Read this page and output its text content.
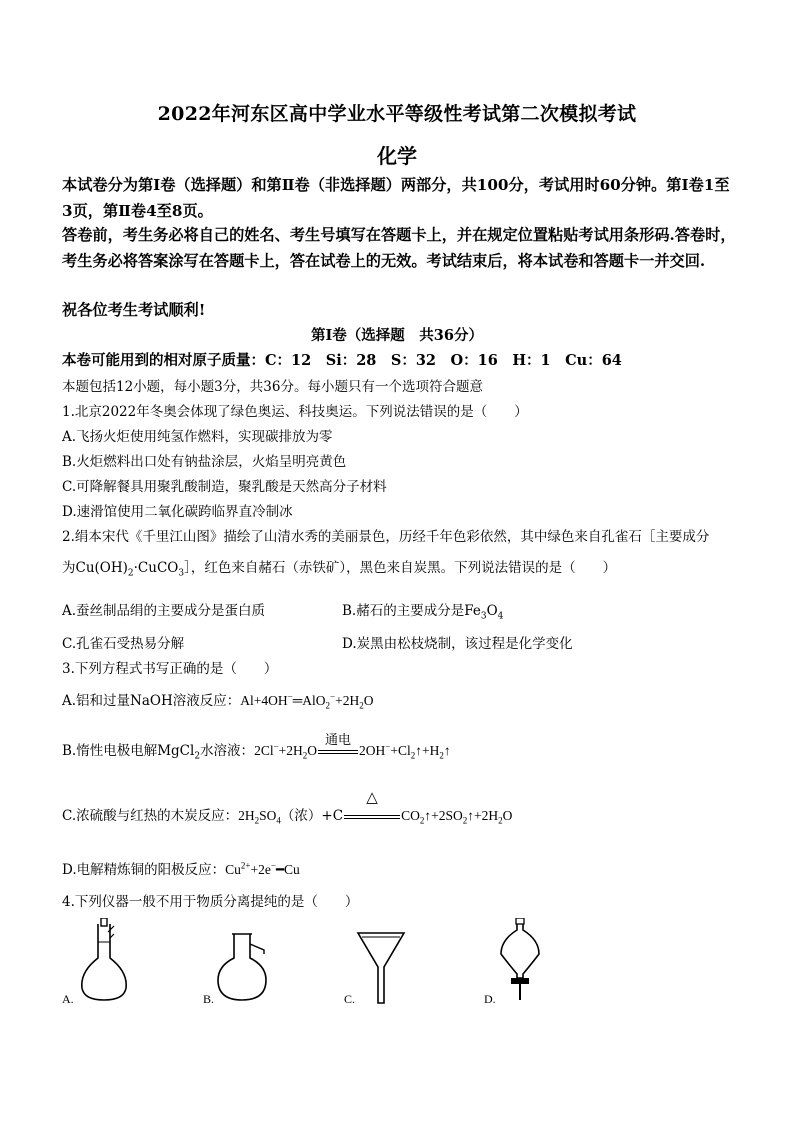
2022年河东区高中学业水平等级性考试第二次模拟考试
化学
本试卷分为第Ⅰ卷（选择题）和第Ⅱ卷（非选择题）两部分，共100分，考试用时60分钟。第Ⅰ卷1至3页，第Ⅱ卷4至8页。
答卷前，考生务必将自己的姓名、考生号填写在答题卡上，并在规定位置粘贴考试用条形码.答卷时，考生务必将答案涂写在答题卡上，答在试卷上的无效。考试结束后，将本试卷和答题卡一并交回.
祝各位考生考试顺利!
第Ⅰ卷（选择题　共36分）
本卷可能用到的相对原子质量：C：12　Si：28　S：32　O：16　H：1　Cu：64
本题包括12小题，每小题3分，共36分。每小题只有一个选项符合题意
1.北京2022年冬奥会体现了绿色奥运、科技奥运。下列说法错误的是（　　）
A.飞扬火炬使用纯氢作燃料，实现碳排放为零
B.火炬燃料出口处有钠盐涂层，火焰呈明亮黄色
C.可降解餐具用聚乳酸制造，聚乳酸是天然高分子材料
D.速滑馆使用二氧化碳跨临界直冷制冰
2.绢本宋代《千里江山图》描绘了山清水秀的美丽景色，历经千年色彩依然，其中绿色来自孔雀石［主要成分
为$Cu(OH)_2\cdot CuCO_3]$，红色来自赭石（赤铁矿），黑色来自炭黑。下列说法错误的是（　　）
A.蚕丝制品绢的主要成分是蛋白质	B.赭石的主要成分是$Fe_3O_4$
C.孔雀石受热易分解	D.炭黑由松枝烧制，该过程是化学变化
3.下列方程式书写正确的是（　　）
A.铝和过量NaOH溶液反应：$Al+4OH^-═AlO_2^-+2H_2O$
B.惰性电极电解MgCl$_2$水溶液：$2Cl^-+2H_2O$
通电
$2OH^-+Cl_2↑+H_2↑$
C.浓硫酸与红热的木炭反应：$2H_2SO_4$（浓）+C
△
$CO_2↑+2SO_2↑+2H_2O$
D.电解精炼铜的阳极反应：$Cu^{2+}+2e^-━Cu$
4.下列仪器一般不用于物质分离提纯的是（　　）
A.	B.	C.	D.
